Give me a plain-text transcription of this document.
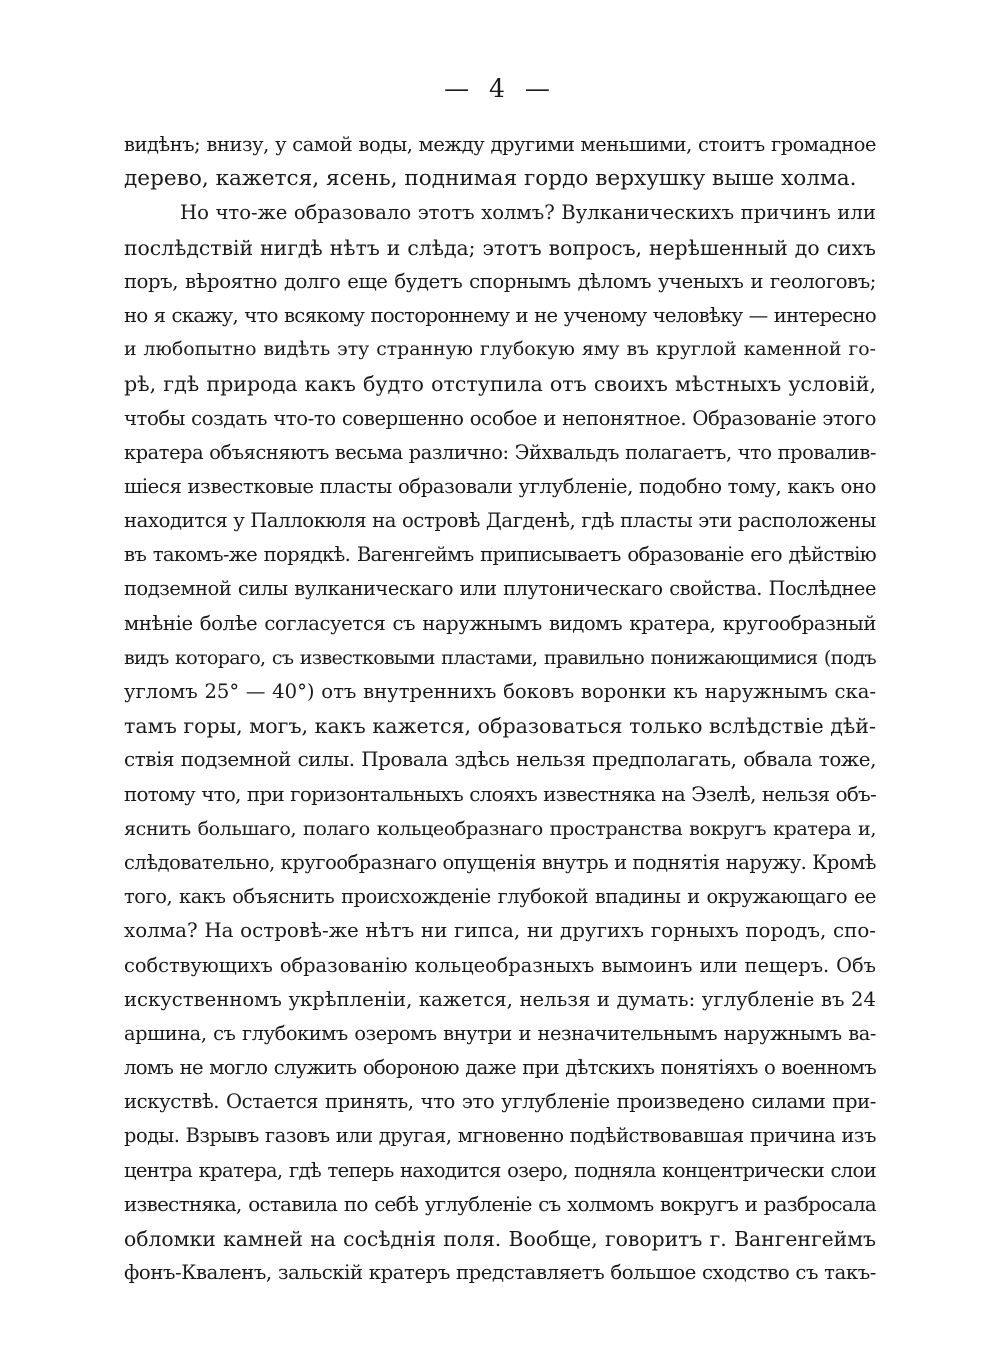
— 4 —
видѣнъ; внизу, у самой воды, между другими меньшими, стоитъ громадное
дерево, кажется, ясень, поднимая гордо верхушку выше холма.
Но что-же образовало этотъ холмъ? Вулканическихъ причинъ или
послѣдствій нигдѣ нѣтъ и слѣда; этотъ вопросъ, нерѣшенный до сихъ
поръ, вѣроятно долго еще будетъ спорнымъ дѣломъ ученыхъ и геологовъ;
но я скажу, что всякому постороннему и не ученому человѣку — интересно
и любопытно видѣть эту странную глубокую яму въ круглой каменной го-
рѣ, гдѣ природа какъ будто отступила отъ своихъ мѣстныхъ условій,
чтобы создать что-то совершенно особое и непонятное. Образованіе этого
кратера объясняютъ весьма различно: Эйхвальдъ полагаетъ, что провалив-
шіеся известковые пласты образовали углубленіе, подобно тому, какъ оно
находится у Паллокюля на островѣ Дагденѣ, гдѣ пласты эти расположены
въ такомъ-же порядкѣ. Вагенгеймъ приписываетъ образованіе его дѣйствію
подземной силы вулканическаго или плутоническаго свойства. Послѣднее
мнѣніе болѣе согласуется съ наружнымъ видомъ кратера, кругообразный
видъ котораго, съ известковыми пластами, правильно понижающимися (подъ
угломъ 25° — 40°) отъ внутреннихъ боковъ воронки къ наружнымъ ска-
тамъ горы, могъ, какъ кажется, образоваться только вслѣдствіе дѣй-
ствія подземной силы. Провала здѣсь нельзя предполагать, обвала тоже,
потому что, при горизонтальныхъ слояхъ известняка на Эзелѣ, нельзя объ-
яснить большаго, полаго кольцеобразнаго пространства вокругъ кратера и,
слѣдовательно, кругообразнаго опущенія внутрь и поднятія наружу. Кромѣ
того, какъ объяснить происхожденіе глубокой впадины и окружающаго ее
холма? На островѣ-же нѣтъ ни гипса, ни другихъ горныхъ породъ, спо-
собствующихъ образованію кольцеобразныхъ вымоинъ или пещеръ. Объ
искуственномъ укрѣпленіи, кажется, нельзя и думать: углубленіе въ 24
аршина, съ глубокимъ озеромъ внутри и незначительнымъ наружнымъ ва-
ломъ не могло служить обороною даже при дѣтскихъ понятіяхъ о военномъ
искуствѣ. Остается принять, что это углубленіе произведено силами при-
роды. Взрывъ газовъ или другая, мгновенно подѣйствовавшая причина изъ
центра кратера, гдѣ теперь находится озеро, подняла концентрически слои
известняка, оставила по себѣ углубленіе съ холмомъ вокругъ и разбросала
обломки камней на сосѣднія поля. Вообще, говоритъ г. Вангенгеймъ
фонъ-Кваленъ, зальскій кратеръ представляетъ большое сходство съ такъ-
